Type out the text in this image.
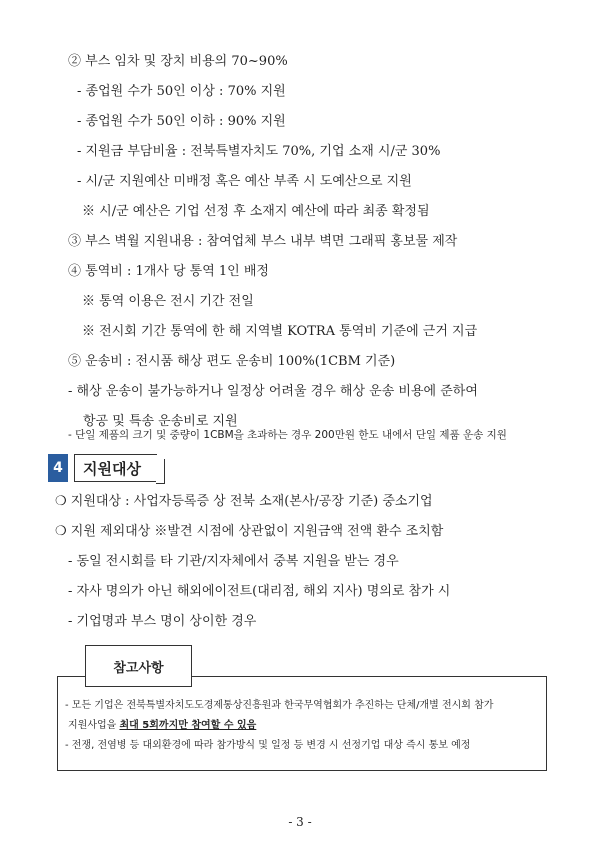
② 부스 임차 및 장치 비용의 70~90%
- 종업원 수가 50인 이상 : 70% 지원
- 종업원 수가 50인 이하 : 90% 지원
- 지원금 부담비율 : 전북특별자치도 70%, 기업 소재 시/군 30%
- 시/군 지원예산 미배정 혹은 예산 부족 시 도예산으로 지원
※ 시/군 예산은 기업 선정 후 소재지 예산에 따라 최종 확정됨
③ 부스 벽월 지원내용 : 참여업체 부스 내부 벽면 그래픽 홍보물 제작
④ 통역비 : 1개사 당 통역 1인 배정
※ 통역 이용은 전시 기간 전일
※ 전시회 기간 통역에 한 해 지역별 KOTRA 통역비 기준에 근거 지급
⑤ 운송비 : 전시품 해상 편도 운송비 100%(1CBM 기준)
- 해상 운송이 불가능하거나 일정상 어려울 경우 해상 운송 비용에 준하여
항공 및 특송 운송비로 지원
- 단일 제품의 크기 및 중량이 1CBM을 초과하는 경우 200만원 한도 내에서 단일 제품 운송 지원
4	지원대상
❍ 지원대상 : 사업자등록증 상 전북 소재(본사/공장 기준) 중소기업
❍ 지원 제외대상 ※발견 시점에 상관없이 지원금액 전액 환수 조치함
- 동일 전시회를 타 기관/지자체에서 중복 지원을 받는 경우
- 자사 명의가 아닌 해외에이전트(대리점, 해외 지사) 명의로 참가 시
- 기업명과 부스 명이 상이한 경우
참고사항
- 모든 기업은 전북특별자치도도경제통상진흥원과 한국무역협회가 추진하는 단체/개별 전시회 참가
지원사업을 최대 5회까지만 참여할 수 있음
- 전쟁, 전염병 등 대외환경에 따라 참가방식 및 일정 등 변경 시 선정기업 대상 즉시 통보 예정
- 3 -
